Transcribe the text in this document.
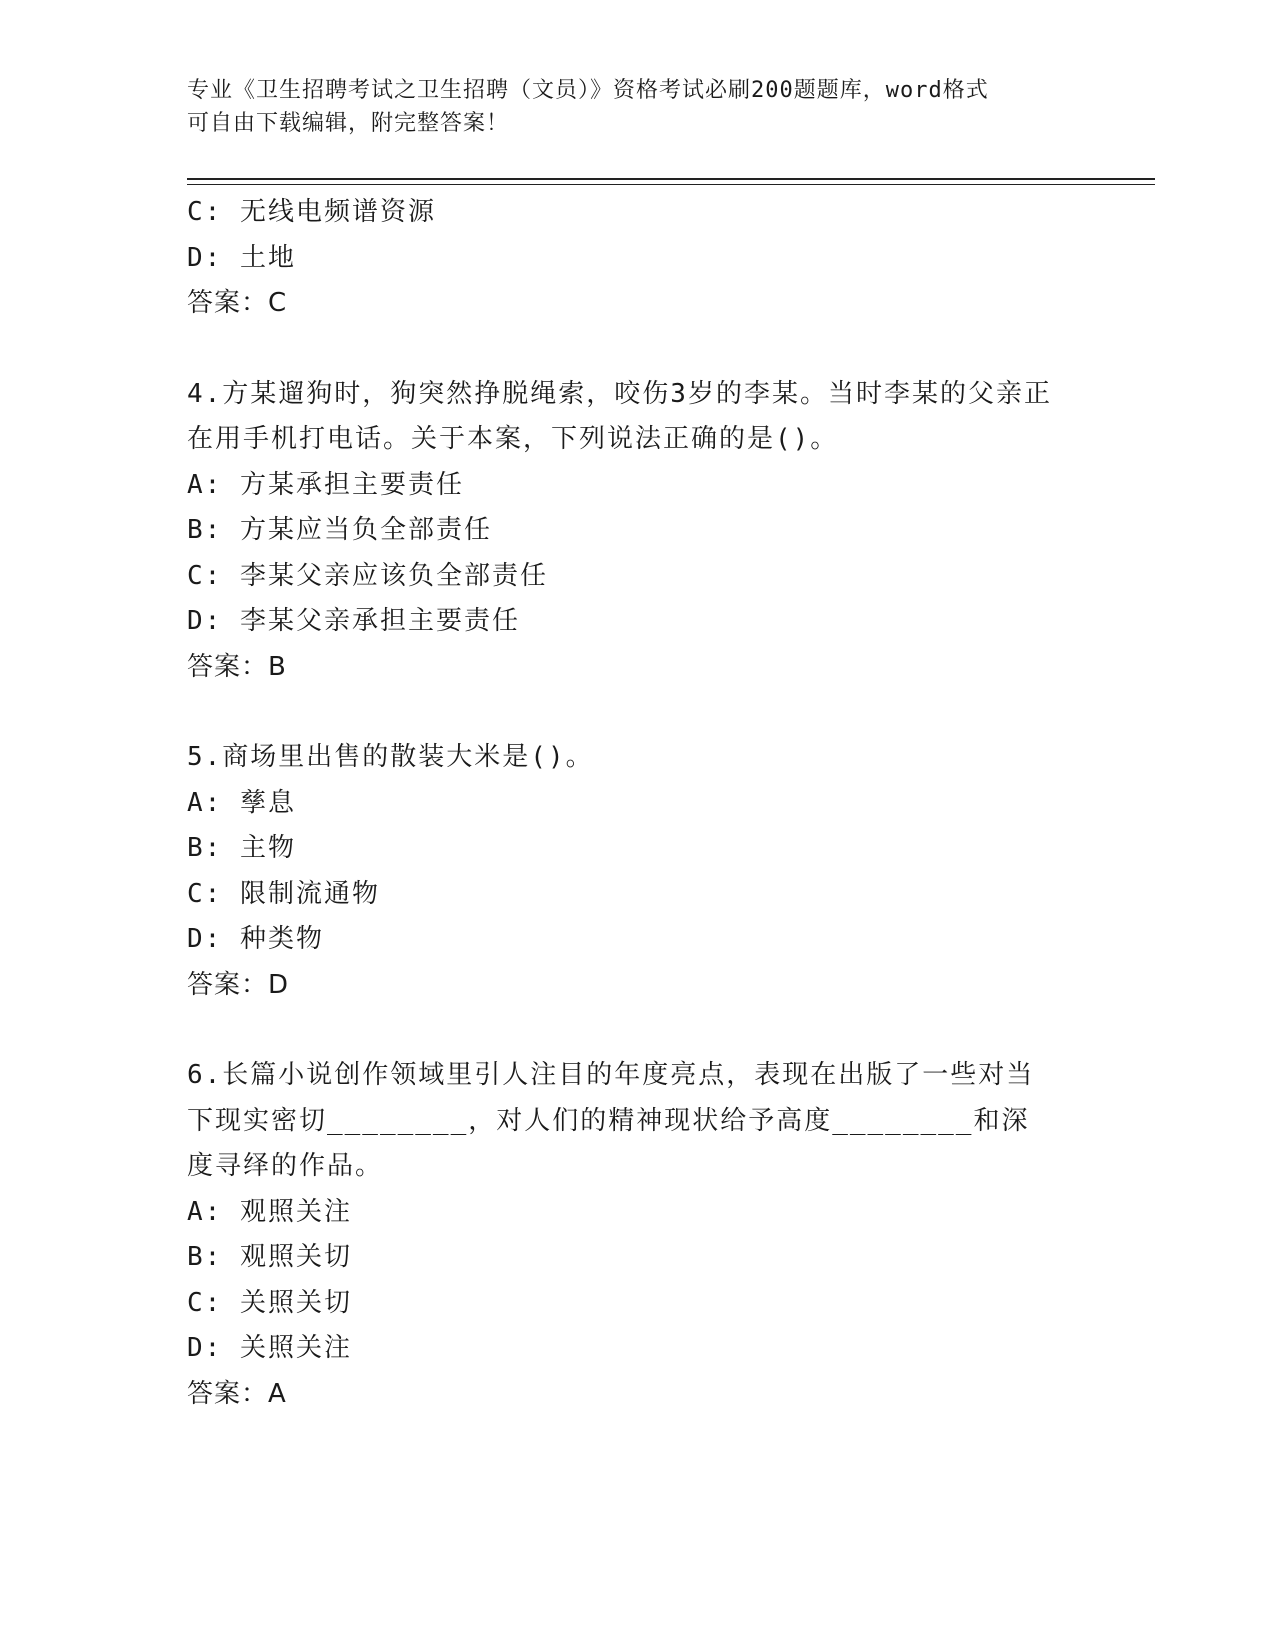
专业《卫生招聘考试之卫生招聘（文员）》资格考试必刷200题题库，word格式
可自由下载编辑，附完整答案！

C: 无线电频谱资源

D: 土地

答案：C

4.方某遛狗时，狗突然挣脱绳索，咬伤3岁的李某。当时李某的父亲正在用手机打电话。关于本案，下列说法正确的是()。

A: 方某承担主要责任

B: 方某应当负全部责任

C: 李某父亲应该负全部责任

D: 李某父亲承担主要责任

答案：B

5.商场里出售的散装大米是()。

A: 孳息

B: 主物

C: 限制流通物

D: 种类物

答案：D

6.长篇小说创作领域里引人注目的年度亮点，表现在出版了一些对当下现实密切________，对人们的精神现状给予高度________和深度寻绎的作品。

A: 观照关注

B: 观照关切

C: 关照关切

D: 关照关注

答案：A
